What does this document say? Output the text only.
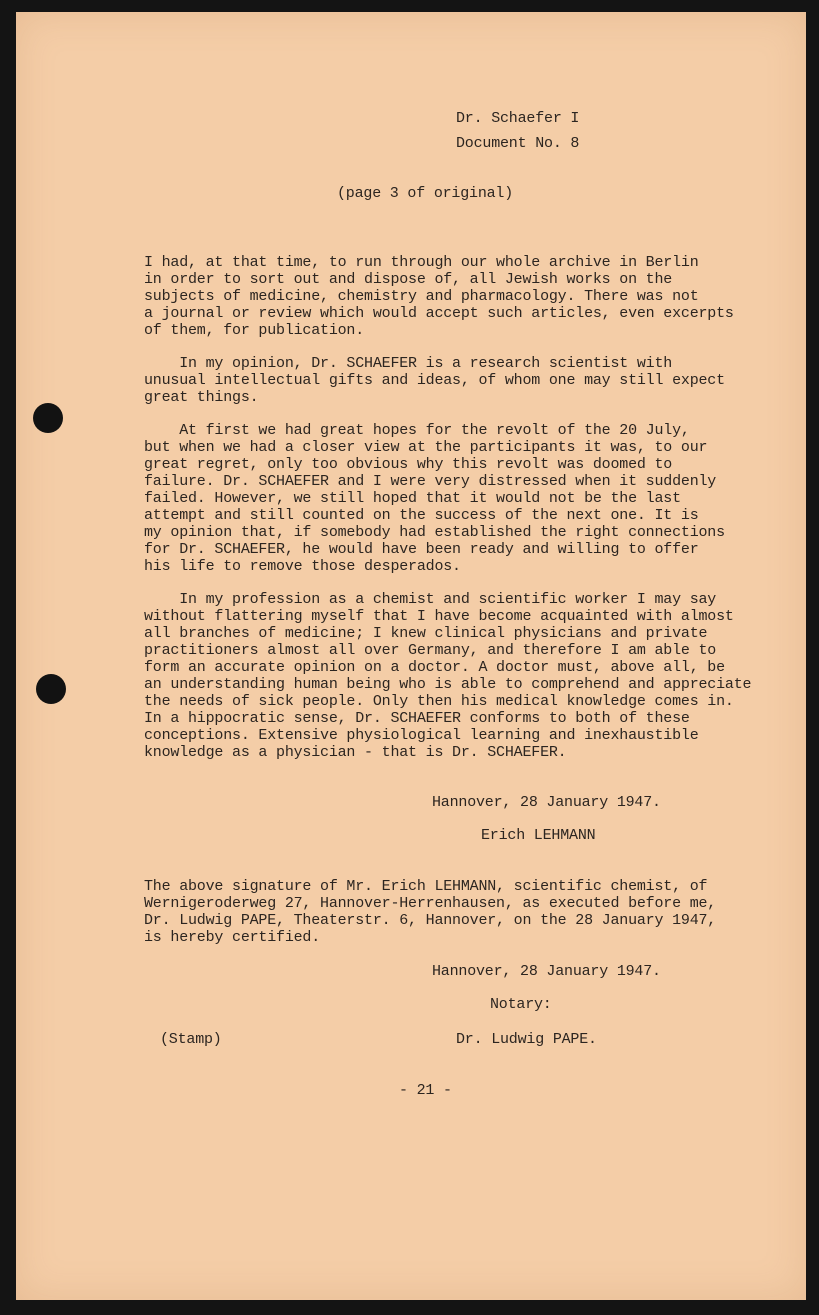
Dr. Schaefer I
Document No. 8
(page 3 of original)
I had, at that time, to run through our whole archive in Berlin
in order to sort out and dispose of, all Jewish works on the
subjects of medicine, chemistry and pharmacology. There was not
a journal or review which would accept such articles, even excerpts
of them, for publication.
In my opinion, Dr. SCHAEFER is a research scientist with
unusual intellectual gifts and ideas, of whom one may still expect
great things.
At first we had great hopes for the revolt of the 20 July,
but when we had a closer view at the participants it was, to our
great regret, only too obvious why this revolt was doomed to
failure. Dr. SCHAEFER and I were very distressed when it suddenly
failed. However, we still hoped that it would not be the last
attempt and still counted on the success of the next one. It is
my opinion that, if somebody had established the right connections
for Dr. SCHAEFER, he would have been ready and willing to offer
his life to remove those desperados.
In my profession as a chemist and scientific worker I may say
without flattering myself that I have become acquainted with almost
all branches of medicine; I knew clinical physicians and private
practitioners almost all over Germany, and therefore I am able to
form an accurate opinion on a doctor. A doctor must, above all, be
an understanding human being who is able to comprehend and appreciate
the needs of sick people. Only then his medical knowledge comes in.
In a hippocratic sense, Dr. SCHAEFER conforms to both of these
conceptions. Extensive physiological learning and inexhaustible
knowledge as a physician - that is Dr. SCHAEFER.
Hannover, 28 January 1947.
Erich LEHMANN
The above signature of Mr. Erich LEHMANN, scientific chemist, of
Wernigeroderweg 27, Hannover-Herrenhausen, as executed before me,
Dr. Ludwig PAPE, Theaterstr. 6, Hannover, on the 28 January 1947,
is hereby certified.
Hannover, 28 January 1947.
Notary:
(Stamp)	Dr. Ludwig PAPE.
- 21 -
